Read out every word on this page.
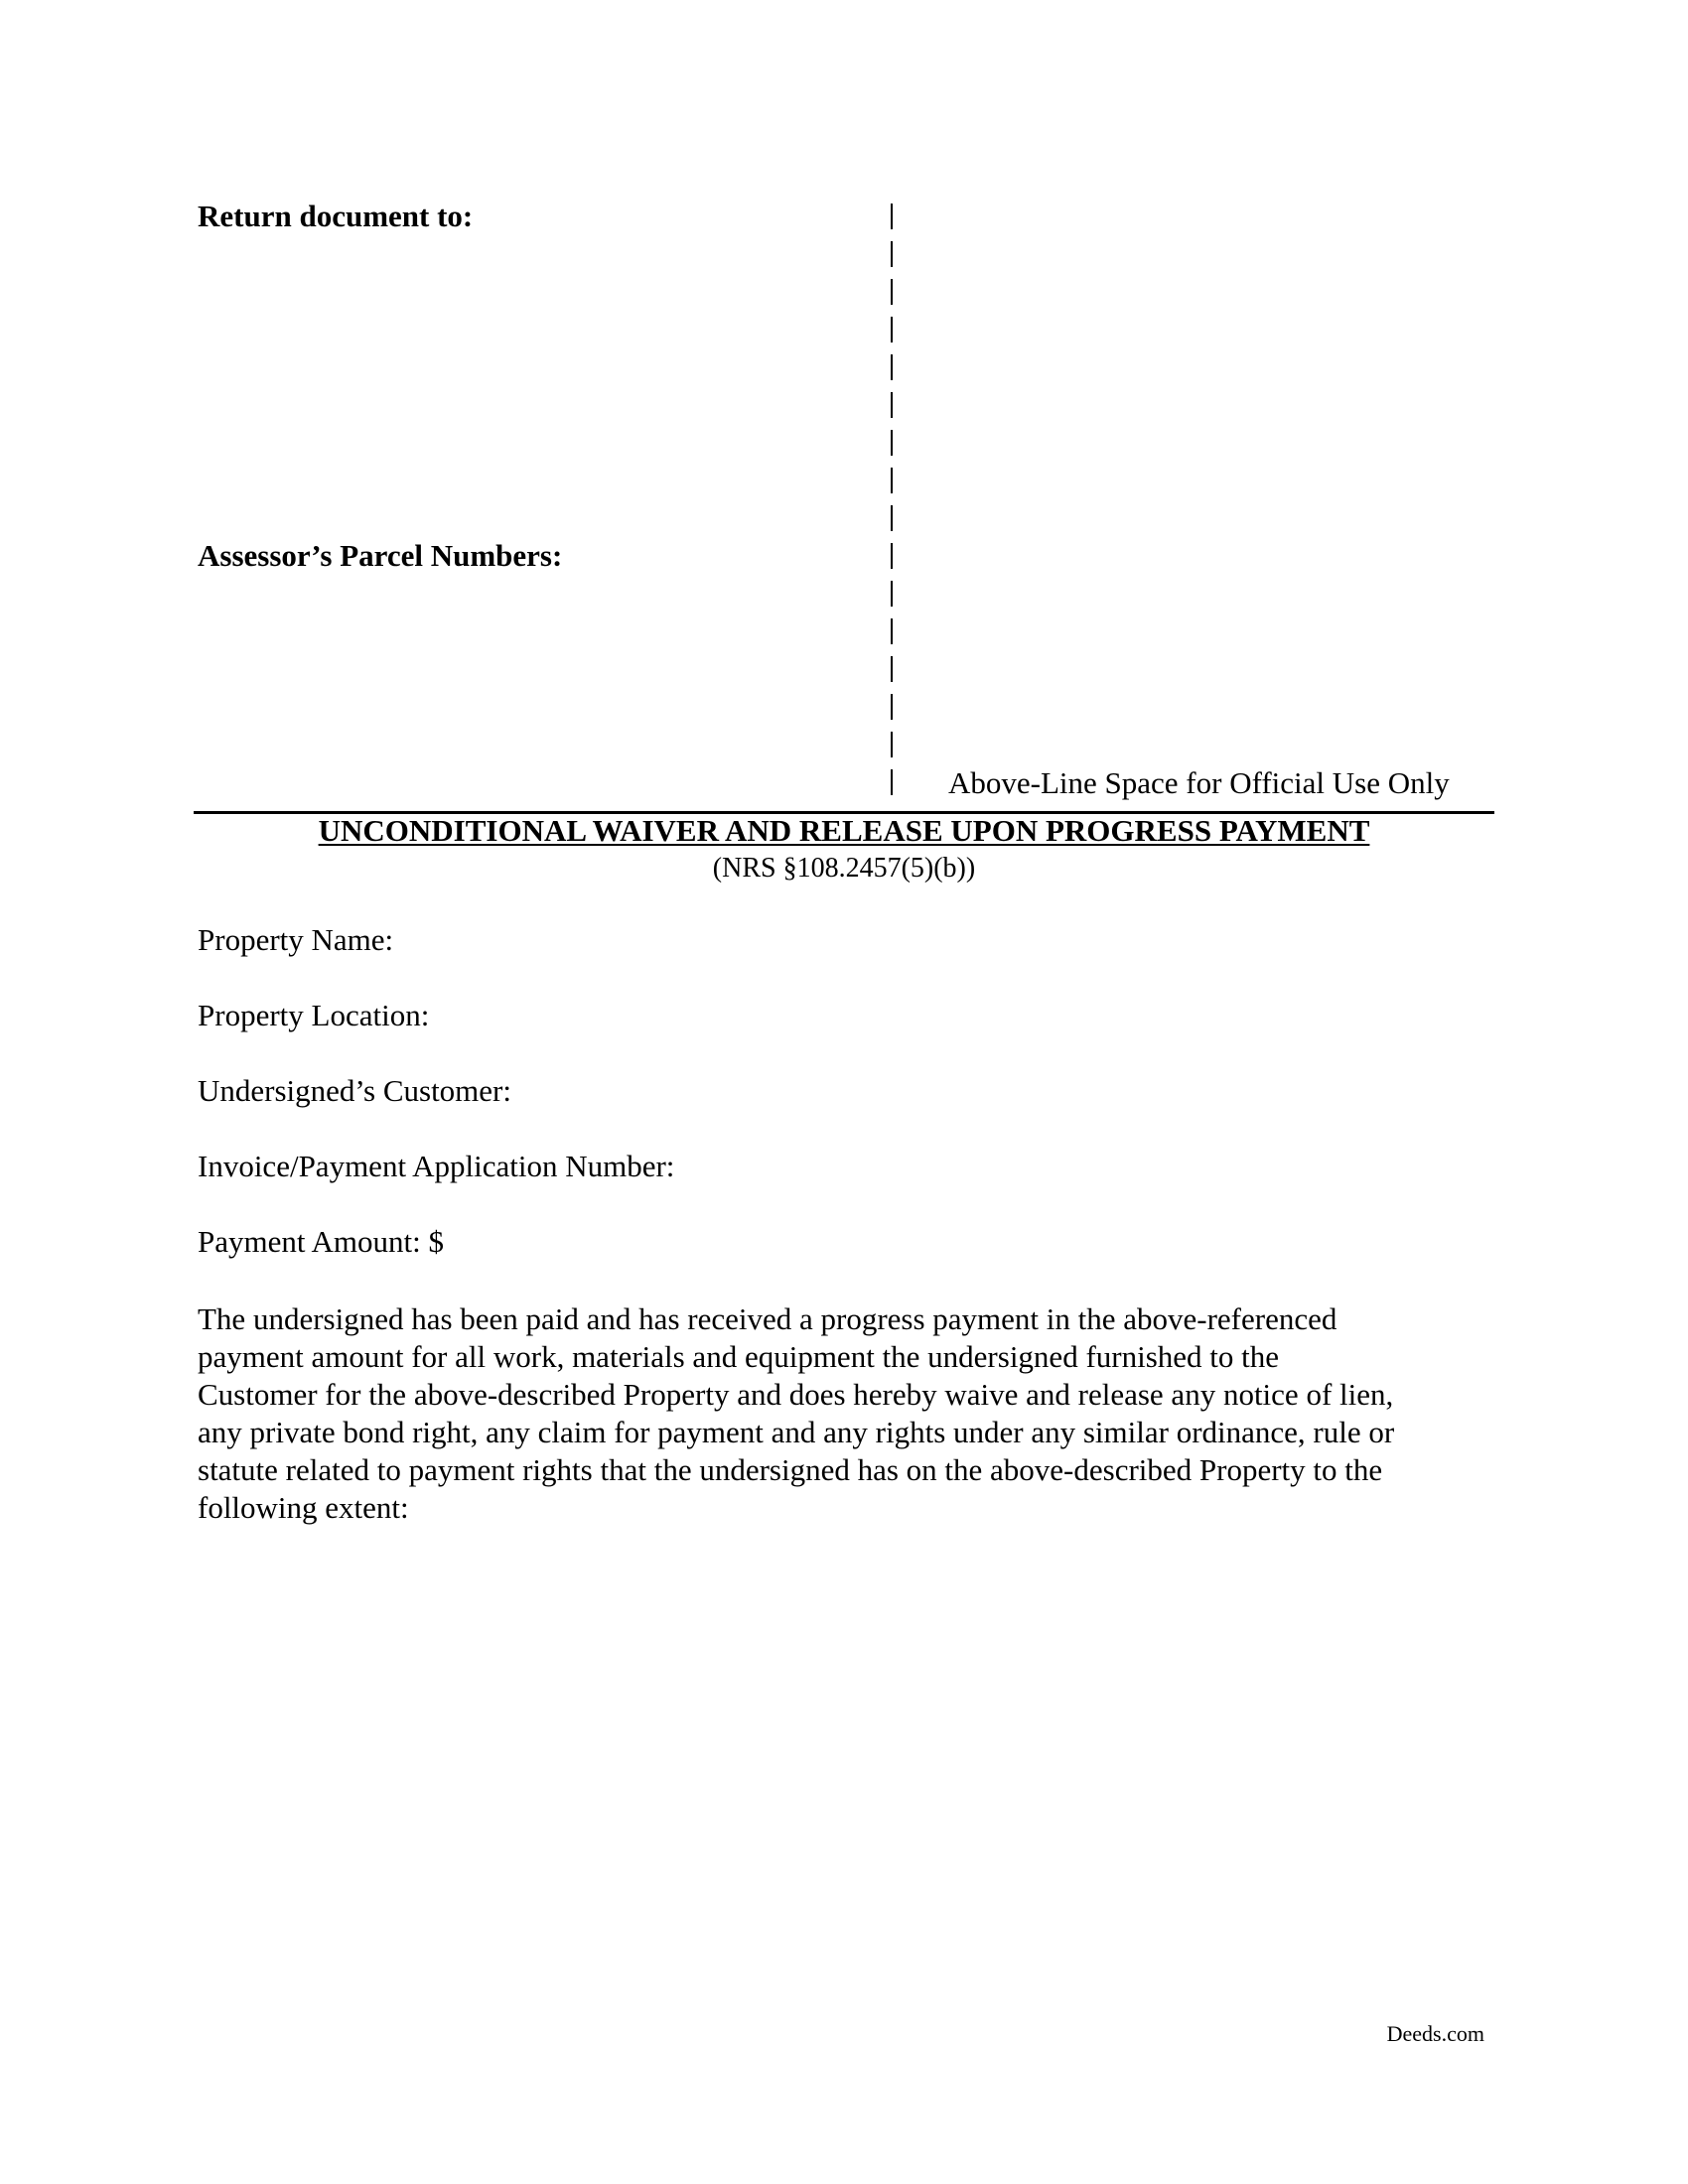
Return document to:
Assessor’s Parcel Numbers:
Above-Line Space for Official Use Only
UNCONDITIONAL WAIVER AND RELEASE UPON PROGRESS PAYMENT
(NRS §108.2457(5)(b))
Property Name:
Property Location:
Undersigned’s Customer:
Invoice/Payment Application Number:
Payment Amount: $
The undersigned has been paid and has received a progress payment in the above-referenced
payment amount for all work, materials and equipment the undersigned furnished to the
Customer for the above-described Property and does hereby waive and release any notice of lien,
any private bond right, any claim for payment and any rights under any similar ordinance, rule or
statute related to payment rights that the undersigned has on the above-described Property to the
following extent:
Deeds.com
